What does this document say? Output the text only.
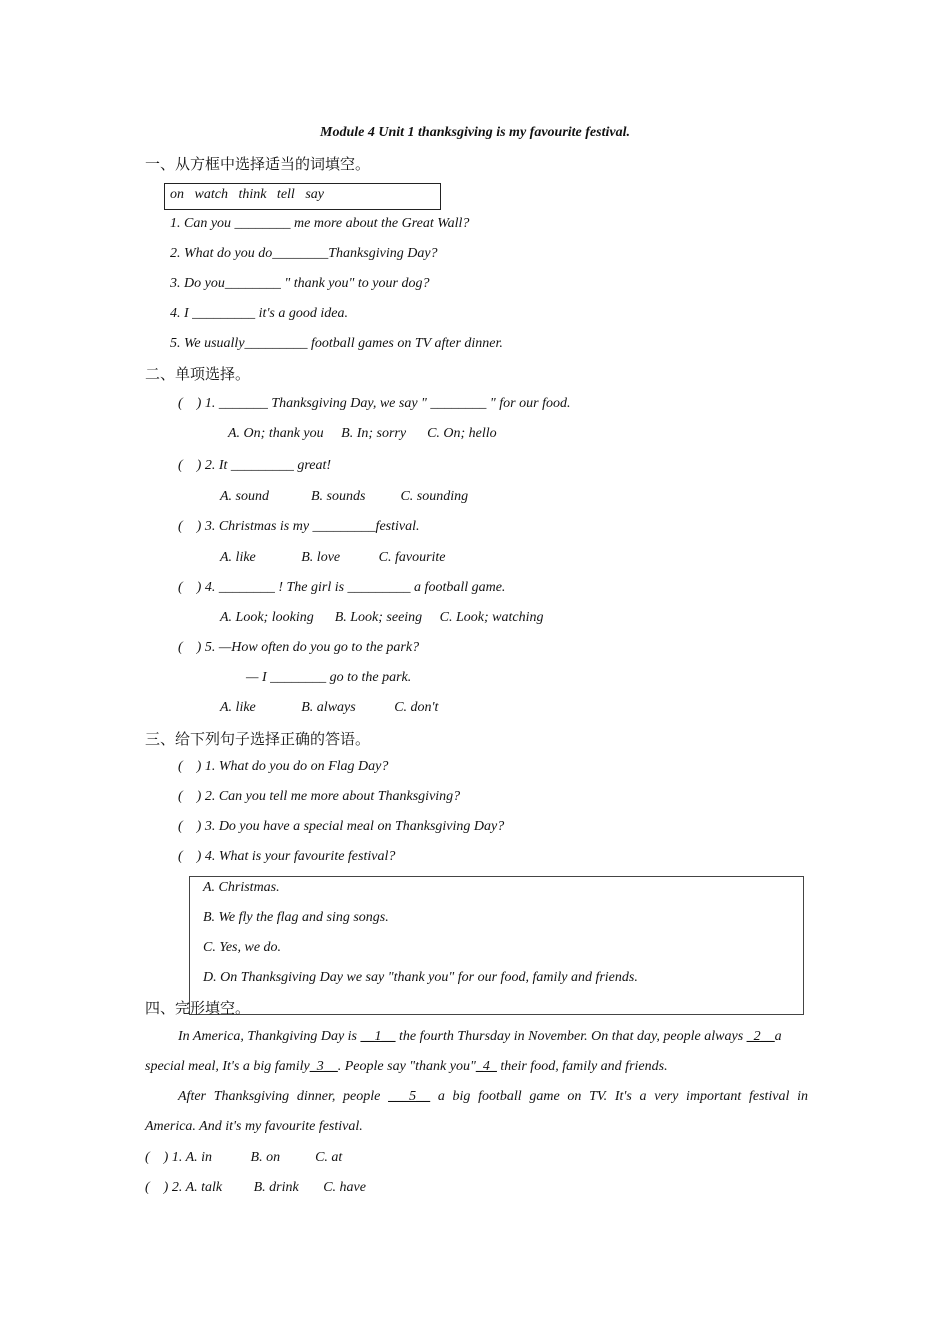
Module 4 Unit 1 thanksgiving is my favourite festival.
一、从方框中选择适当的词填空。
on   watch   think   tell   say
1. Can you ________ me more about the Great Wall?
2. What do you do________Thanksgiving Day?
3. Do you________ " thank you" to your dog?
4. I _________ it's a good idea.
5. We usually_________ football games on TV after dinner.
二、单项选择。
(    ) 1. _______ Thanksgiving Day, we say " ________ " for our food.
A. On; thank you     B. In; sorry      C. On; hello
(    ) 2. It _________ great!
A. sound            B. sounds          C. sounding
(    ) 3. Christmas is my _________festival.
A. like             B. love           C. favourite
(    ) 4. ________ ! The girl is _________ a football game.
A. Look; looking      B. Look; seeing     C. Look; watching
(    ) 5. —How often do you go to the park?
— I ________ go to the park.
A. like             B. always           C. don't
三、给下列句子选择正确的答语。
(    ) 1. What do you do on Flag Day?
(    ) 2. Can you tell me more about Thanksgiving?
(    ) 3. Do you have a special meal on Thanksgiving Day?
(    ) 4. What is your favourite festival?
A. Christmas.
B. We fly the flag and sing songs.
C. Yes, we do.
D. On Thanksgiving Day we say "thank you" for our food, family and friends.
四、完形填空。
In America, Thankgiving Day is __1__ the fourth Thursday in November. On that day, people always _2__a
special meal, It's a big family_3__. People say "thank you"_4_ their food, family and friends.
After Thanksgiving dinner, people ___5__ a big football game on TV. It's a very important festival in
America. And it's my favourite festival.
(    ) 1. A. in           B. on          C. at
(    ) 2. A. talk         B. drink       C. have
